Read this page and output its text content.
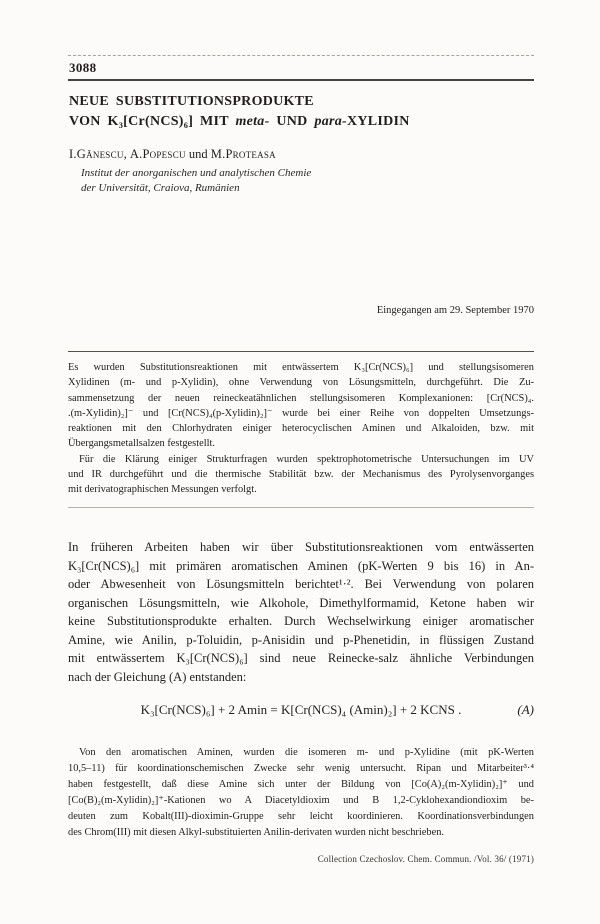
3088
NEUE SUBSTITUTIONSPRODUKTE
VON K₃[Cr(NCS)₆] MIT meta- UND para-XYLIDIN
I.Gănescu, A.Popescu und M.Proteasa
Institut der anorganischen und analytischen Chemie
der Universität, Craiova, Rumänien
Eingegangen am 29. September 1970
Es wurden Substitutionsreaktionen mit entwässertem K₃[Cr(NCS)₆] und stellungsisomeren
Xylidinen (m- und p-Xylidin), ohne Verwendung von Lösungsmitteln, durchgeführt. Die Zu-
sammensetzung der neuen reineckeatähnlichen stellungsisomeren Komplexanionen: [Cr(NCS)₄.
.(m-Xylidin)₂]⁻ und [Cr(NCS)₄(p-Xylidin)₂]⁻ wurde bei einer Reihe von doppelten Umsetzungs-
reaktionen mit den Chlorhydraten einiger heterocyclischen Aminen und Alkaloiden, bzw. mit
Übergangsmetallsalzen festgestellt.
Für die Klärung einiger Strukturfragen wurden spektrophotometrische Untersuchungen im UV
und IR durchgeführt und die thermische Stabilität bzw. der Mechanismus des Pyrolysenvorganges
mit derivatographischen Messungen verfolgt.
In früheren Arbeiten haben wir über Substitutionsreaktionen vom entwässerten
K₃[Cr(NCS)₆] mit primären aromatischen Aminen (pK-Werten 9 bis 16) in An-
oder Abwesenheit von Lösungsmitteln berichtet¹·². Bei Verwendung von polaren
organischen Lösungsmitteln, wie Alkohole, Dimethylformamid, Ketone haben wir
keine Substitutionsprodukte erhalten. Durch Wechselwirkung einiger aromatischer
Amine, wie Anilin, p-Toluidin, p-Anisidin und p-Phenetidin, in flüssigen Zustand
mit entwässertem K₃[Cr(NCS)₆] sind neue Reinecke-salz ähnliche Verbindungen
nach der Gleichung (A) entstanden:
K₃[Cr(NCS)₆] + 2 Amin = K[Cr(NCS)₄ (Amin)₂] + 2 KCNS .	(A)
Von den aromatischen Aminen, wurden die isomeren m- und p-Xylidine (mit pK-Werten
10,5–11) für koordinationschemischen Zwecke sehr wenig untersucht. Ripan und Mitarbeiter³·⁴
haben festgestellt, daß diese Amine sich unter der Bildung von [Co(A)₂(m-Xylidin)₂]⁺ und
[Co(B)₂(m-Xylidin)₂]⁺-Kationen wo A Diacetyldioxim und B 1,2-Cyklohexandiondioxim be-
deuten zum Kobalt(III)-dioximin-Gruppe sehr leicht koordinieren. Koordinationsverbindungen
des Chrom(III) mit diesen Alkyl-substituierten Anilin-derivaten wurden nicht beschrieben.
Collection Czechoslov. Chem. Commun. /Vol. 36/ (1971)
